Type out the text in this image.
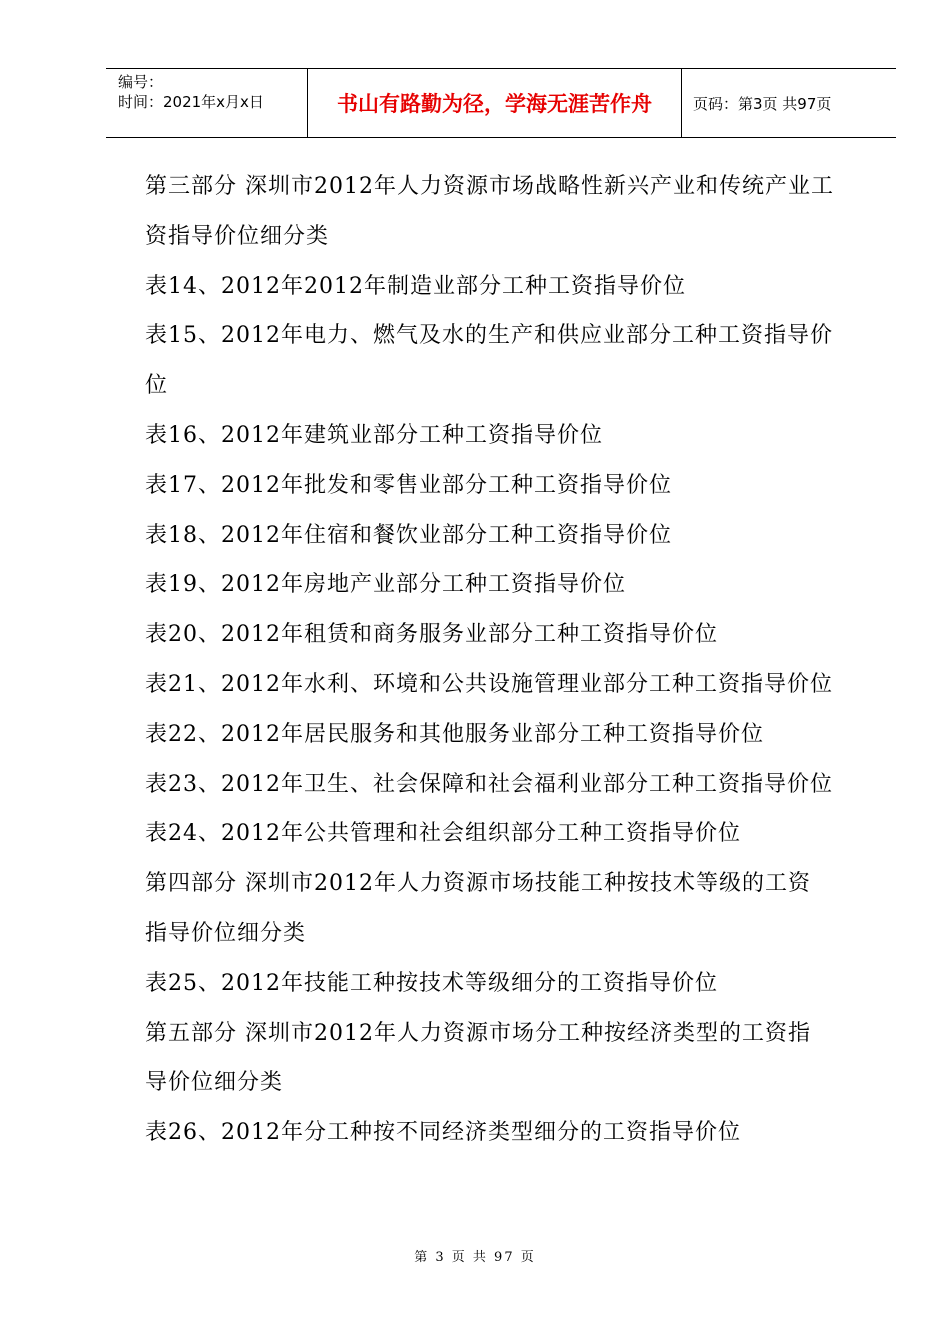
编号：
时间：2021年x月x日	书山有路勤为径，学海无涯苦作舟	页码：第3页 共97页
第三部分 深圳市2012年人力资源市场战略性新兴产业和传统产业工
资指导价位细分类
表14、2012年2012年制造业部分工种工资指导价位
表15、2012年电力、燃气及水的生产和供应业部分工种工资指导价
位
表16、2012年建筑业部分工种工资指导价位
表17、2012年批发和零售业部分工种工资指导价位
表18、2012年住宿和餐饮业部分工种工资指导价位
表19、2012年房地产业部分工种工资指导价位
表20、2012年租赁和商务服务业部分工种工资指导价位
表21、2012年水利、环境和公共设施管理业部分工种工资指导价位
表22、2012年居民服务和其他服务业部分工种工资指导价位
表23、2012年卫生、社会保障和社会福利业部分工种工资指导价位
表24、2012年公共管理和社会组织部分工种工资指导价位
第四部分 深圳市2012年人力资源市场技能工种按技术等级的工资
指导价位细分类
表25、2012年技能工种按技术等级细分的工资指导价位
第五部分 深圳市2012年人力资源市场分工种按经济类型的工资指
导价位细分类
表26、2012年分工种按不同经济类型细分的工资指导价位
第 3 页 共 97 页
